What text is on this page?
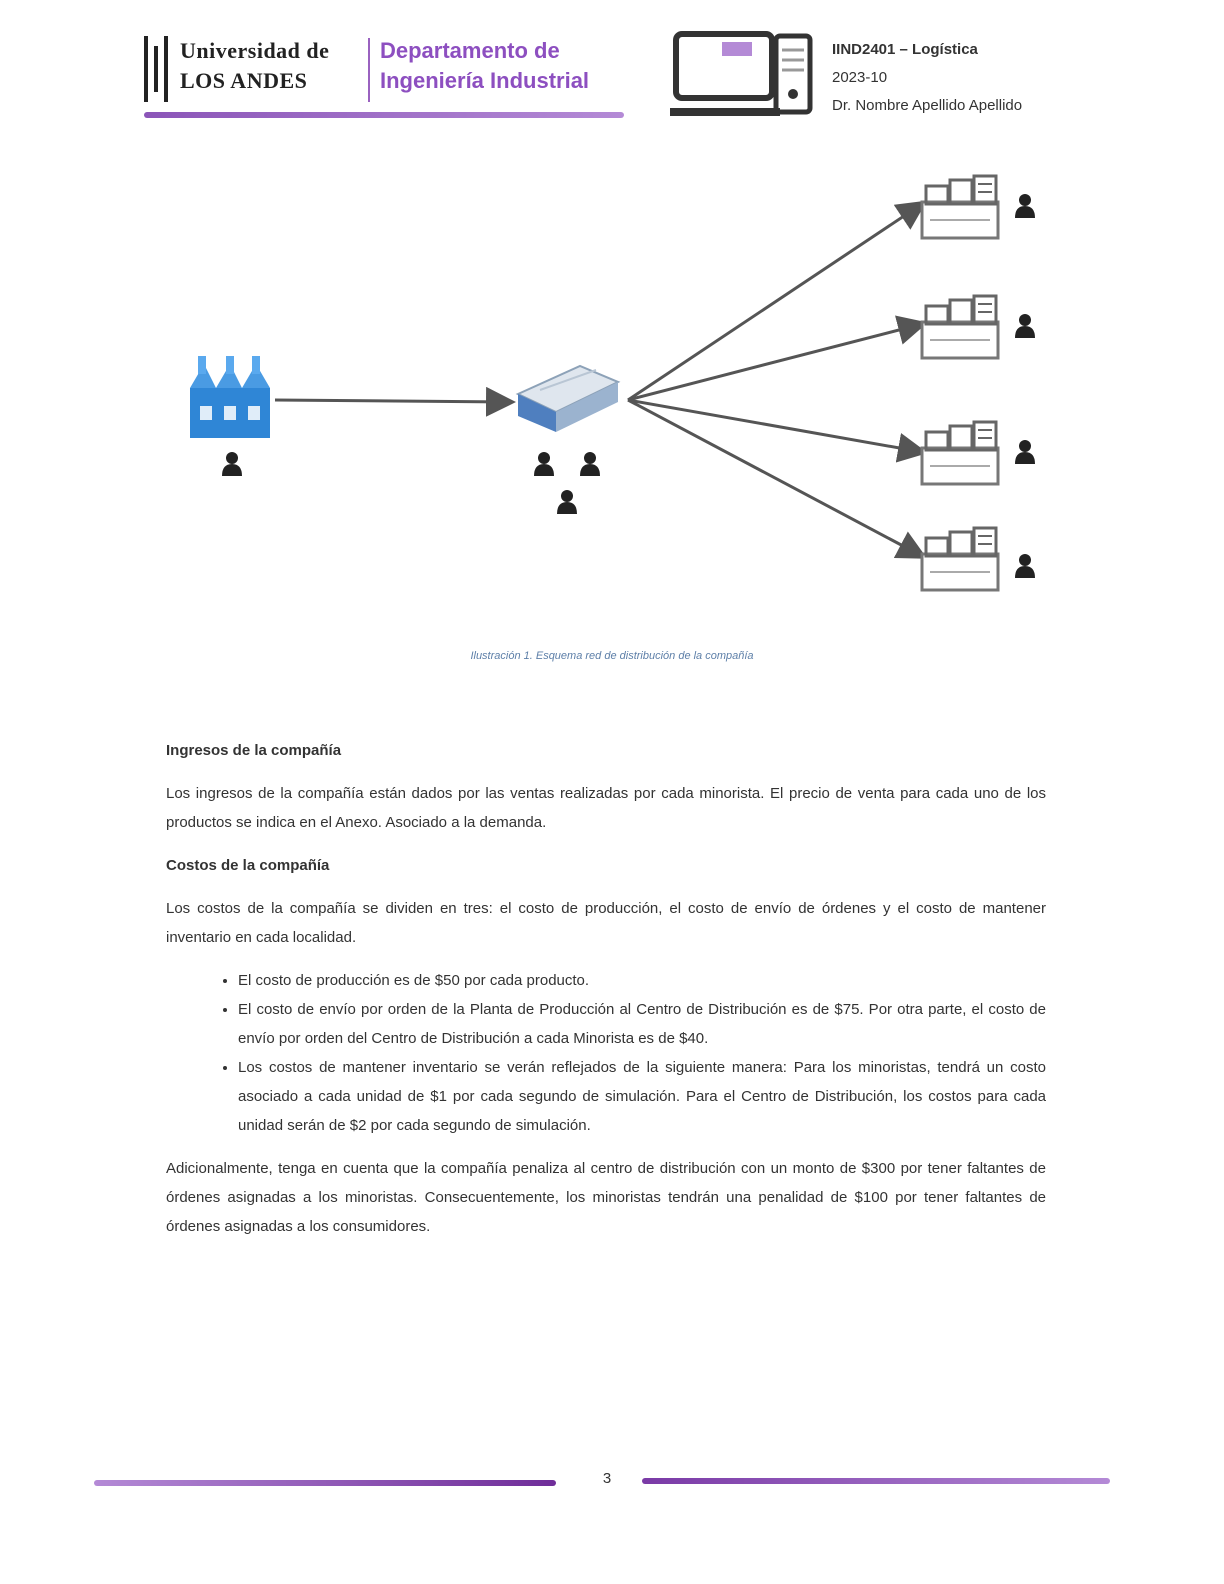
Universidad de
LOS ANDES
Departamento de
Ingeniería Industrial
IIND2401 – Logística
2023-10
Dr. Nombre Apellido Apellido
Ilustración 1. Esquema red de distribución de la compañía
Ingresos de la compañía

Los ingresos de la compañía están dados por las ventas realizadas por cada minorista. El precio de venta para cada uno de los productos se indica en el Anexo. Asociado a la demanda.

Costos de la compañía

Los costos de la compañía se dividen en tres: el costo de producción, el costo de envío de órdenes y el costo de mantener inventario en cada localidad.

• El costo de producción es de $50 por cada producto.
• El costo de envío por orden de la Planta de Producción al Centro de Distribución es de $75. Por otra parte, el costo de envío por orden del Centro de Distribución a cada Minorista es de $40.
• Los costos de mantener inventario se verán reflejados de la siguiente manera: Para los minoristas, tendrá un costo asociado a cada unidad de $1 por cada segundo de simulación. Para el Centro de Distribución, los costos para cada unidad serán de $2 por cada segundo de simulación.

Adicionalmente, tenga en cuenta que la compañía penaliza al centro de distribución con un monto de $300 por tener faltantes de órdenes asignadas a los minoristas. Consecuentemente, los minoristas tendrán una penalidad de $100 por tener faltantes de órdenes asignadas a los consumidores.

3
